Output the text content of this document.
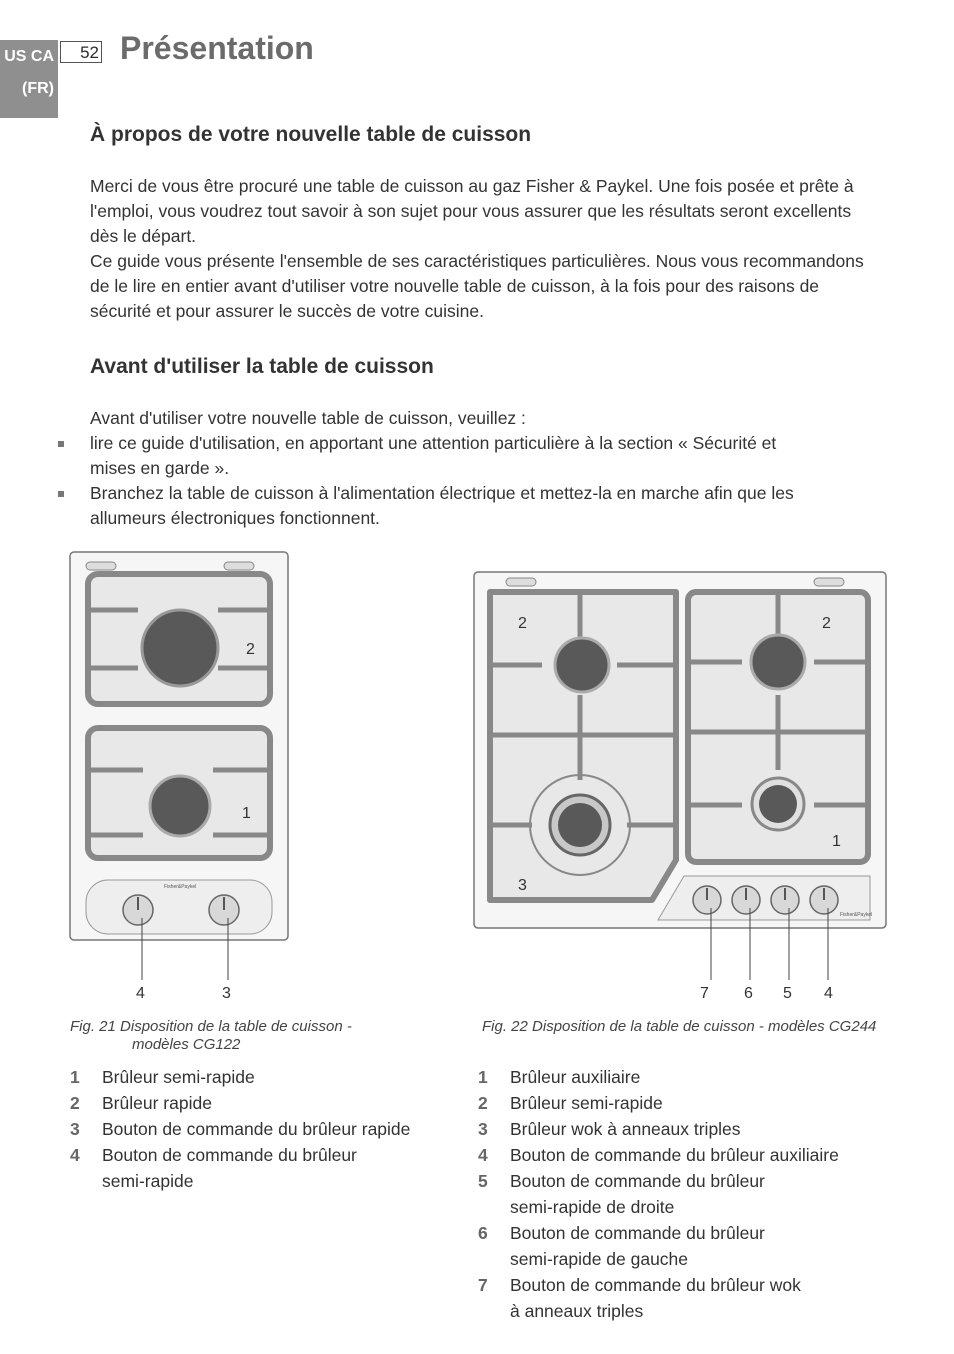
US CA
(FR)
52 Présentation
À propos de votre nouvelle table de cuisson
Merci de vous être procuré une table de cuisson au gaz Fisher & Paykel. Une fois posée et prête à
l'emploi, vous voudrez tout savoir à son sujet pour vous assurer que les résultats seront excellents
dès le départ.
Ce guide vous présente l'ensemble de ses caractéristiques particulières. Nous vous recommandons
de le lire en entier avant d'utiliser votre nouvelle table de cuisson, à la fois pour des raisons de
sécurité et pour assurer le succès de votre cuisine.
Avant d'utiliser la table de cuisson
Avant d'utiliser votre nouvelle table de cuisson, veuillez :
lire ce guide d'utilisation, en apportant une attention particulière à la section « Sécurité et
mises en garde ».
Branchez la table de cuisson à l'alimentation électrique et mettez-la en marche afin que les
allumeurs électroniques fonctionnent.
Fisher&Paykel
2
1
4	3
Fisher&Paykel
2	2
3
1
7 6 5 4
Fig. 21 Disposition de la table de cuisson -
modèles CG122
Fig. 22 Disposition de la table de cuisson - modèles CG244
1 Brûleur semi-rapide
2 Brûleur rapide
3 Bouton de commande du brûleur rapide
4 Bouton de commande du brûleur
semi-rapide
1 Brûleur auxiliaire
2 Brûleur semi-rapide
3 Brûleur wok à anneaux triples
4 Bouton de commande du brûleur auxiliaire
5 Bouton de commande du brûleur
semi-rapide de droite
6 Bouton de commande du brûleur
semi-rapide de gauche
7 Bouton de commande du brûleur wok
à anneaux triples
